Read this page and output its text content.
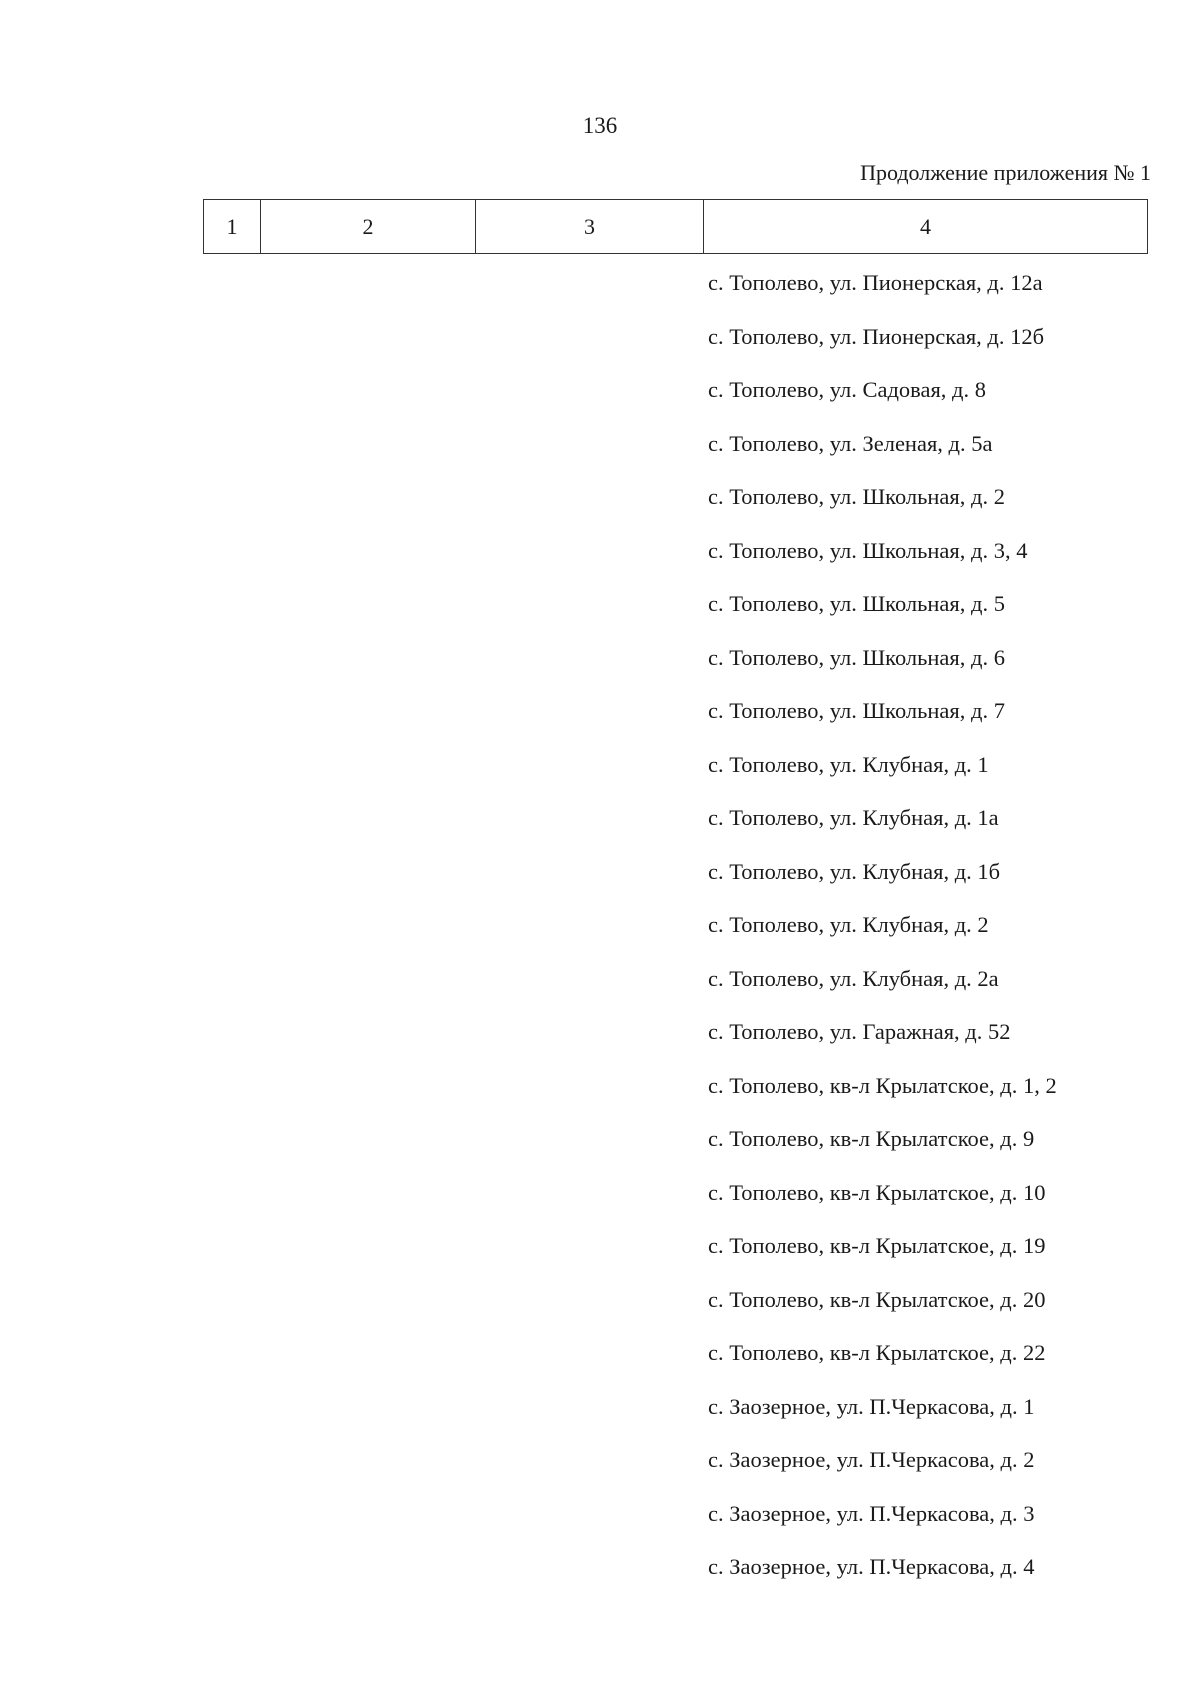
136
Продолжение приложения № 1
1	2	3	4
с. Тополево, ул. Пионерская, д. 12а
с. Тополево, ул. Пионерская, д. 12б
с. Тополево, ул. Садовая, д. 8
с. Тополево, ул. Зеленая, д. 5а
с. Тополево, ул. Школьная, д. 2
с. Тополево, ул. Школьная, д. 3, 4
с. Тополево, ул. Школьная, д. 5
с. Тополево, ул. Школьная, д. 6
с. Тополево, ул. Школьная, д. 7
с. Тополево, ул. Клубная, д. 1
с. Тополево, ул. Клубная, д. 1а
с. Тополево, ул. Клубная, д. 1б
с. Тополево, ул. Клубная, д. 2
с. Тополево, ул. Клубная, д. 2а
с. Тополево, ул. Гаражная, д. 52
с. Тополево, кв-л Крылатское, д. 1, 2
с. Тополево, кв-л Крылатское, д. 9
с. Тополево, кв-л Крылатское, д. 10
с. Тополево, кв-л Крылатское, д. 19
с. Тополево, кв-л Крылатское, д. 20
с. Тополево, кв-л Крылатское, д. 22
с. Заозерное, ул. П.Черкасова, д. 1
с. Заозерное, ул. П.Черкасова, д. 2
с. Заозерное, ул. П.Черкасова, д. 3
с. Заозерное, ул. П.Черкасова, д. 4
